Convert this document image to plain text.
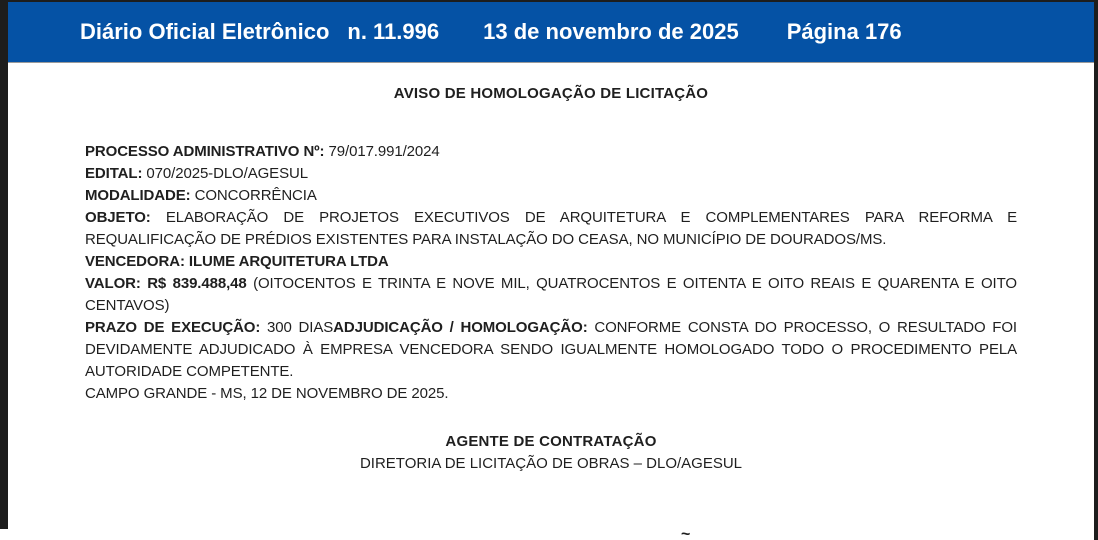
Diário Oficial Eletrônico n. 11.996 13 de novembro de 2025 Página 176
AVISO DE HOMOLOGAÇÃO DE LICITAÇÃO

PROCESSO ADMINISTRATIVO Nº: 79/017.991/2024

EDITAL: 070/2025-DLO/AGESUL

MODALIDADE: CONCORRÊNCIA

OBJETO: ELABORAÇÃO DE PROJETOS EXECUTIVOS DE ARQUITETURA E COMPLEMENTARES PARA REFORMA E REQUALIFICAÇÃO DE PRÉDIOS EXISTENTES PARA INSTALAÇÃO DO CEASA, NO MUNICÍPIO DE DOURADOS/MS.

VENCEDORA: ILUME ARQUITETURA LTDA

VALOR: R$ 839.488,48 (OITOCENTOS E TRINTA E NOVE MIL, QUATROCENTOS E OITENTA E OITO REAIS E QUARENTA E OITO CENTAVOS)

PRAZO DE EXECUÇÃO: 300 DIASADJUDICAÇÃO / HOMOLOGAÇÃO: CONFORME CONSTA DO PROCESSO, O RESULTADO FOI DEVIDAMENTE ADJUDICADO À EMPRESA VENCEDORA SENDO IGUALMENTE HOMOLOGADO TODO O PROCEDIMENTO PELA AUTORIDADE COMPETENTE.

CAMPO GRANDE - MS, 12 DE NOVEMBRO DE 2025.

AGENTE DE CONTRATAÇÃO
DIRETORIA DE LICITAÇÃO DE OBRAS – DLO/AGESUL
~
